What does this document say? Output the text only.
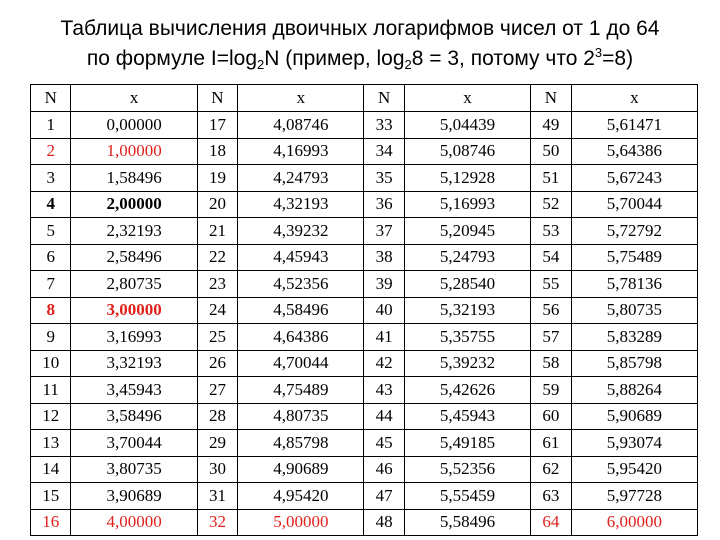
Таблица вычисления двоичных логарифмов чисел от 1 до 64
по формуле $I=\log_2N$ (пример, $\log_28 = 3$, потому что $2^3=8$)
N	x	N	x	N	x	N	x
1	0,00000	17	4,08746	33	5,04439	49	5,61471
2	1,00000	18	4,16993	34	5,08746	50	5,64386
3	1,58496	19	4,24793	35	5,12928	51	5,67243
4	2,00000	20	4,32193	36	5,16993	52	5,70044
5	2,32193	21	4,39232	37	5,20945	53	5,72792
6	2,58496	22	4,45943	38	5,24793	54	5,75489
7	2,80735	23	4,52356	39	5,28540	55	5,78136
8	3,00000	24	4,58496	40	5,32193	56	5,80735
9	3,16993	25	4,64386	41	5,35755	57	5,83289
10	3,32193	26	4,70044	42	5,39232	58	5,85798
11	3,45943	27	4,75489	43	5,42626	59	5,88264
12	3,58496	28	4,80735	44	5,45943	60	5,90689
13	3,70044	29	4,85798	45	5,49185	61	5,93074
14	3,80735	30	4,90689	46	5,52356	62	5,95420
15	3,90689	31	4,95420	47	5,55459	63	5,97728
16	4,00000	32	5,00000	48	5,58496	64	6,00000
